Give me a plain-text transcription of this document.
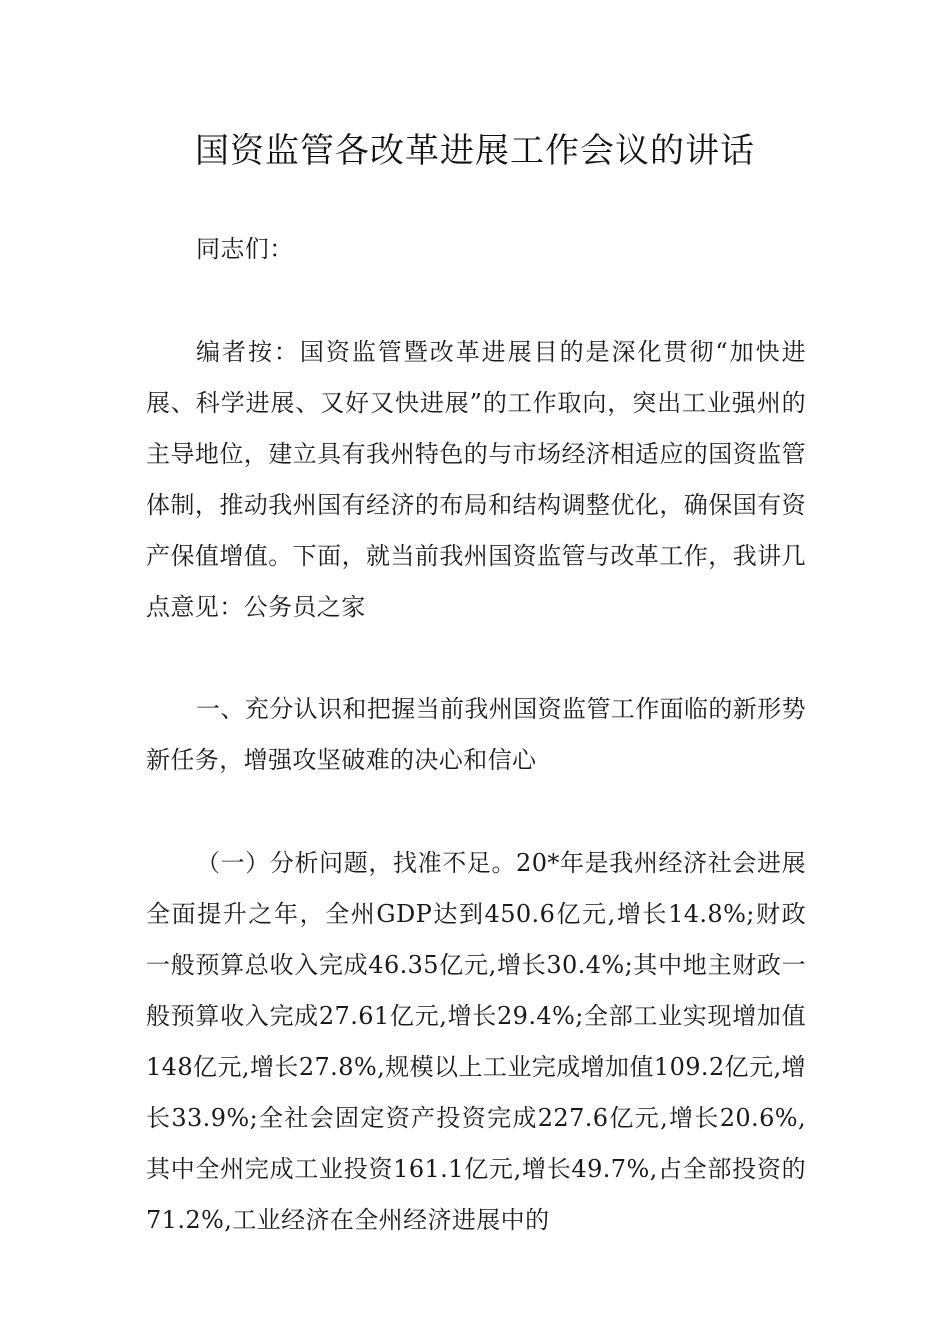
国资监管各改革进展工作会议的讲话

同志们：

编者按：国资监管暨改革进展目的是深化贯彻“加快进展、科学进展、又好又快进展”的工作取向，突出工业强州的主导地位，建立具有我州特色的与市场经济相适应的国资监管体制，推动我州国有经济的布局和结构调整优化，确保国有资产保值增值。下面，就当前我州国资监管与改革工作，我讲几点意见：公务员之家

一、充分认识和把握当前我州国资监管工作面临的新形势新任务，增强攻坚破难的决心和信心

（一）分析问题，找准不足。20*年是我州经济社会进展全面提升之年，全州GDP达到450.6亿元,增长14.8%;财政一般预算总收入完成46.35亿元,增长30.4%;其中地主财政一般预算收入完成27.61亿元,增长29.4%;全部工业实现增加值148亿元,增长27.8%,规模以上工业完成增加值109.2亿元,增长33.9%;全社会固定资产投资完成227.6亿元,增长20.6%,其中全州完成工业投资161.1亿元,增长49.7%,占全部投资的71.2%,工业经济在全州经济进展中的
